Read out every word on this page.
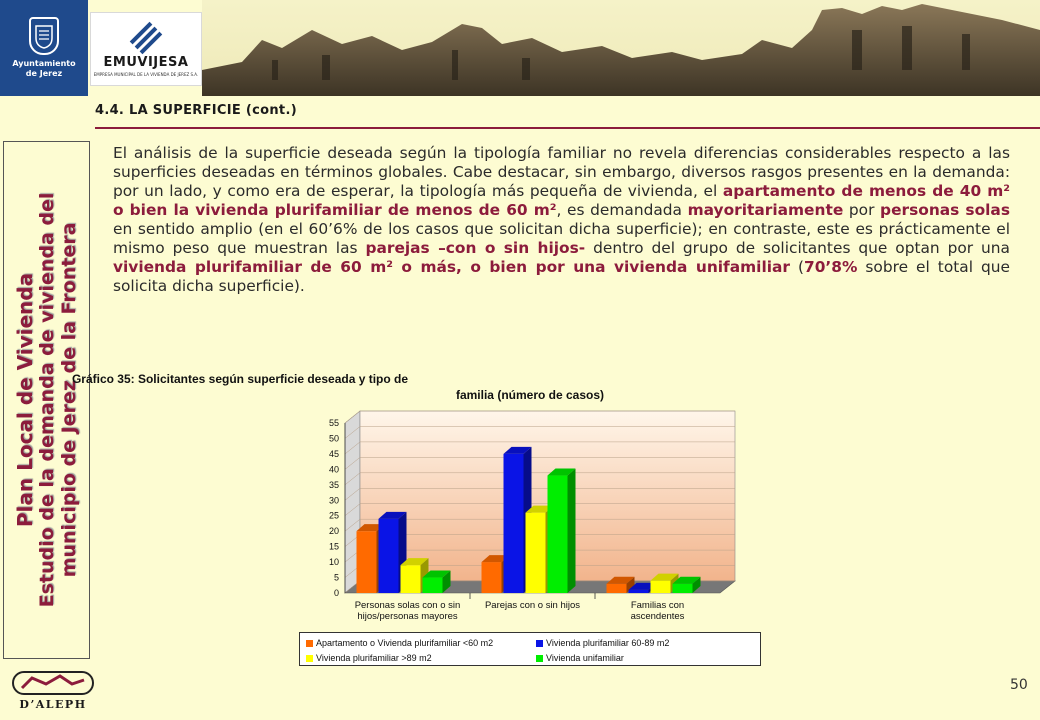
Ayuntamiento
de Jerez
EMUVIJESA
EMPRESA MUNICIPAL DE LA VIVIENDA DE JEREZ S.A.
4.4. LA SUPERFICIE (cont.)
Plan Local de Vivienda Estudio de la demanda de vivienda del municipio de Jerez de la Frontera

El análisis de la superficie deseada según la tipología familiar no revela diferencias considerables respecto a las superficies deseadas en términos globales. Cabe destacar, sin embargo, diversos rasgos presentes en la demanda: por un lado, y como era de esperar, la tipología más pequeña de vivienda, el apartamento de menos de 40 m² o bien la vivienda plurifamiliar de menos de 60 m², es demandada mayoritariamente por personas solas en sentido amplio (en el 60’6% de los casos que solicitan dicha superficie); en contraste, este es prácticamente el mismo peso que muestran las parejas –con o sin hijos- dentro del grupo de solicitantes que optan por una vivienda plurifamiliar de 60 m² o más, o bien por una vivienda unifamiliar (70’8% sobre el total que solicita dicha superficie).

Gráfico 35: Solicitantes según superficie deseada y tipo de
familia (número de casos)
0
5
10
15
20
25
30
35
40
45
50
55
Personas solas con o sin
hijos/personas mayores
Parejas con o sin hijos	Familias con
ascendentes
Apartamento o Vivienda plurifamiliar <60 m2	Vivienda plurifamiliar 60-89 m2
Vivienda plurifamiliar >89 m2	Vivienda unifamiliar
D’ALEPH
50
